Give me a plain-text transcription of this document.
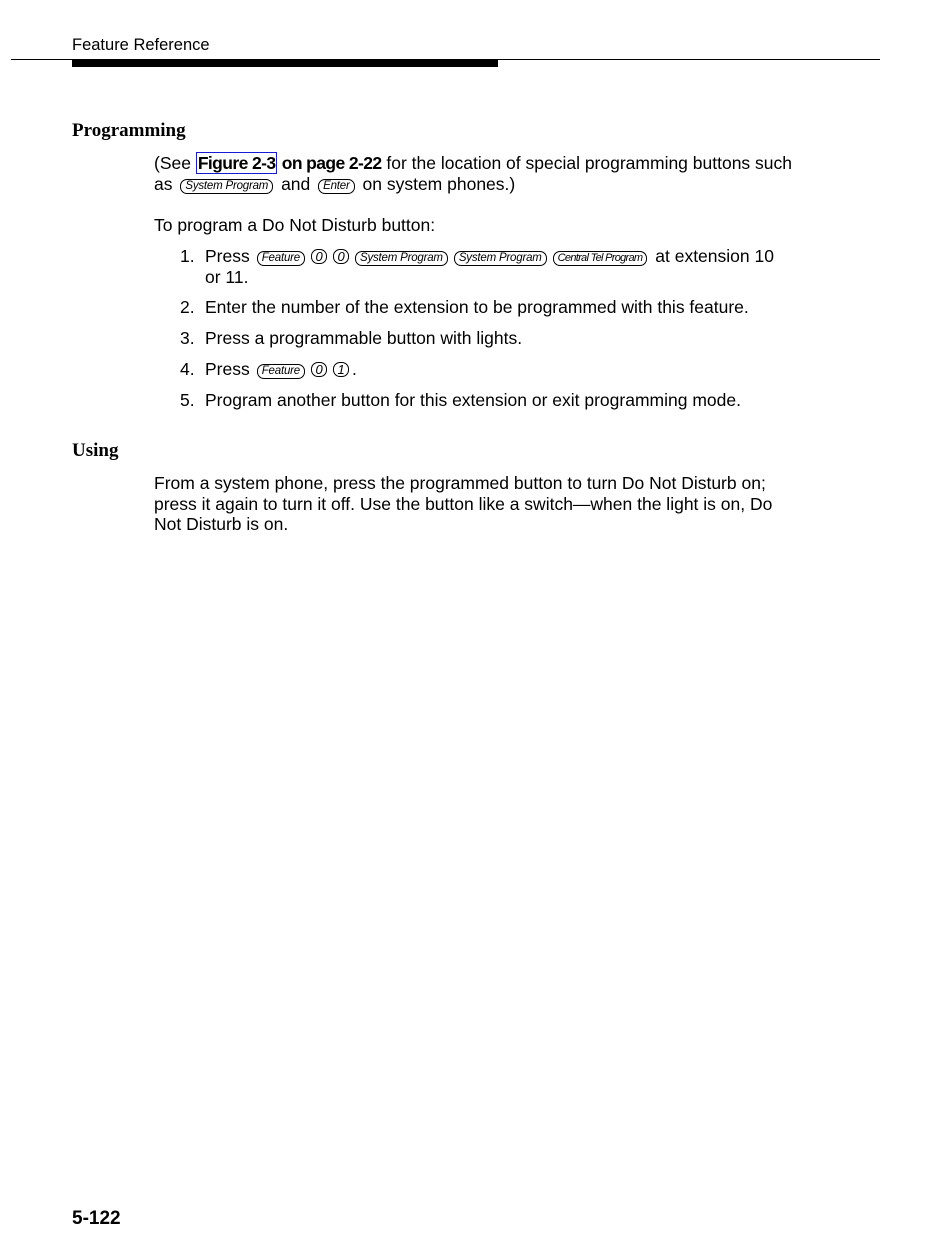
Feature Reference
Programming
(See Figure 2-3 on page 2-22 for the location of special programming buttons such as System Program and Enter on system phones.)
To program a Do Not Disturb button:
1. Press Feature 0 0 System Program System Program Central Tel Program at extension 10 or 11.
2. Enter the number of the extension to be programmed with this feature.
3. Press a programmable button with lights.
4. Press Feature 0 1 .
5. Program another button for this extension or exit programming mode.
Using
From a system phone, press the programmed button to turn Do Not Disturb on; press it again to turn it off. Use the button like a switch—when the light is on, Do Not Disturb is on.
5-122
